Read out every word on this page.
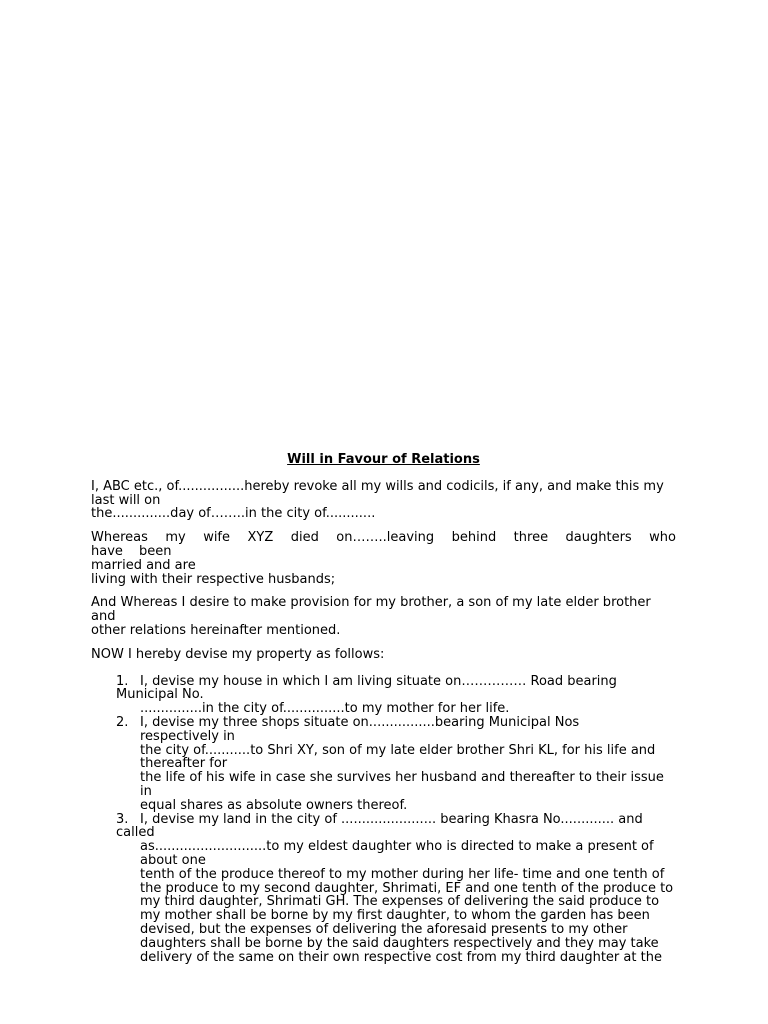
Will in Favour of Relations
I, ABC etc., of................hereby revoke all my wills and codicils, if any, and make this my
last will on
the..............day of……..in the city of............
Whereas my wife XYZ died on……..leaving behind three daughters who have been
married and are
living with their respective husbands;
And Whereas I desire to make provision for my brother, a son of my late elder brother and
other relations hereinafter mentioned.
NOW I hereby devise my property as follows:
1. I, devise my house in which I am living situate on…………… Road bearing
Municipal No.
...............in the city of...............to my mother for her life.
2. I, devise my three shops situate on................bearing Municipal Nos
respectively in
the city of...........to Shri XY, son of my late elder brother Shri KL, for his life and
thereafter for
the life of his wife in case she survives her husband and thereafter to their issue in
equal shares as absolute owners thereof.
3. I, devise my land in the city of ....................... bearing Khasra No............. and
called
as...........................to my eldest daughter who is directed to make a present of
about one
tenth of the produce thereof to my mother during her life- time and one tenth of
the produce to my second daughter, Shrimati, EF and one tenth of the produce to
my third daughter, Shrimati GH. The expenses of delivering the said produce to
my mother shall be borne by my first daughter, to whom the garden has been
devised, but the expenses of delivering the aforesaid presents to my other
daughters shall be borne by the said daughters respectively and they may take
delivery of the same on their own respective cost from my third daughter at the
